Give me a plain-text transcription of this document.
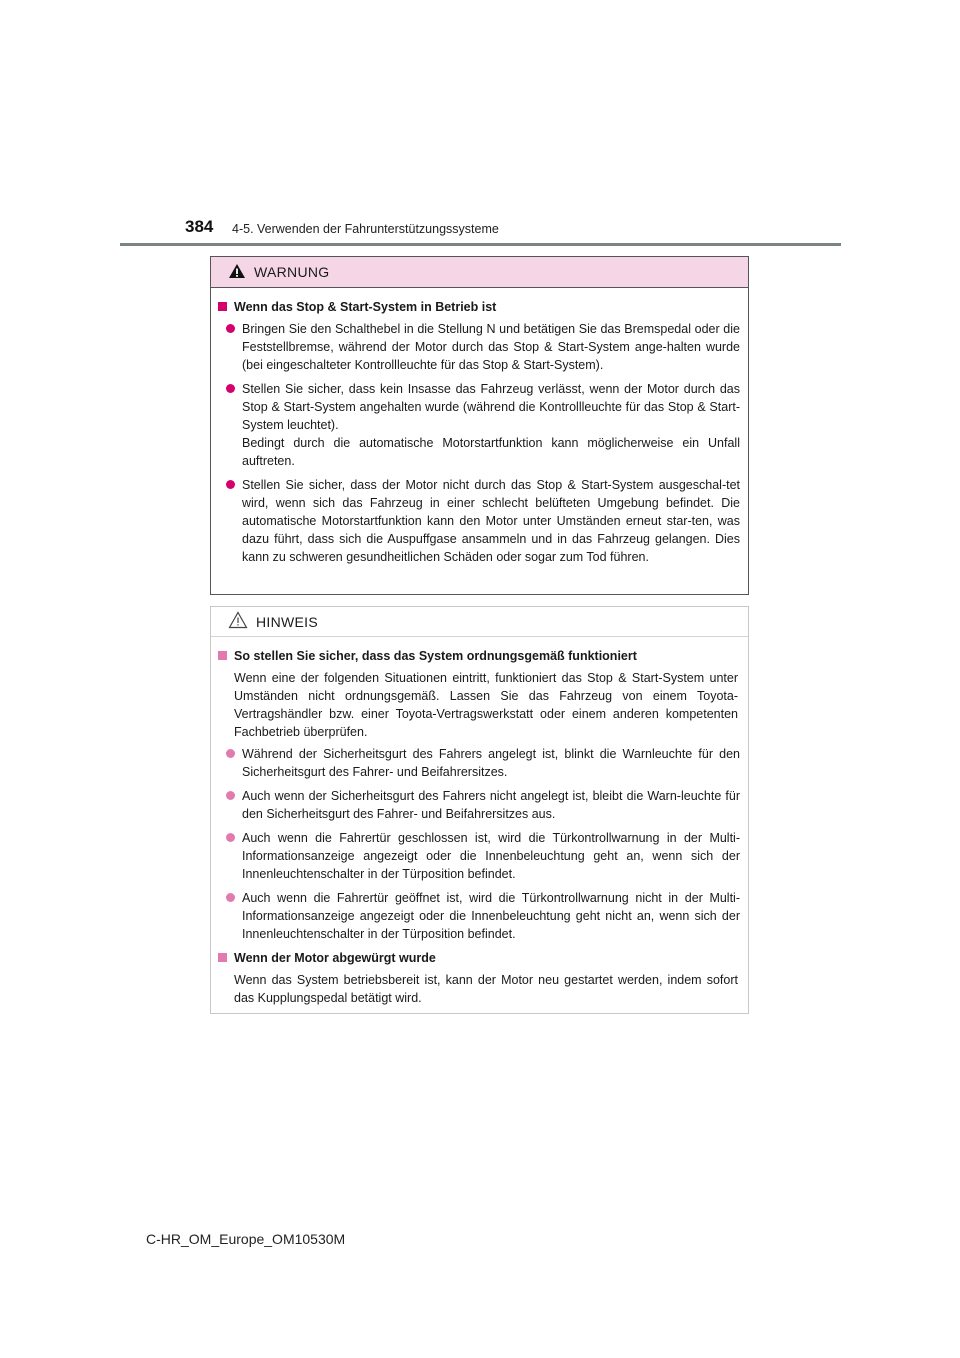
384 4-5. Verwenden der Fahrunterstützungssysteme
WARNUNG
Wenn das Stop & Start-System in Betrieb ist
Bringen Sie den Schalthebel in die Stellung N und betätigen Sie das Bremspedal oder die Feststellbremse, während der Motor durch das Stop & Start-System ange-halten wurde (bei eingeschalteter Kontrollleuchte für das Stop & Start-System).
Stellen Sie sicher, dass kein Insasse das Fahrzeug verlässt, wenn der Motor durch das Stop & Start-System angehalten wurde (während die Kontrollleuchte für das Stop & Start-System leuchtet).
Bedingt durch die automatische Motorstartfunktion kann möglicherweise ein Unfall auftreten.
Stellen Sie sicher, dass der Motor nicht durch das Stop & Start-System ausgeschal-tet wird, wenn sich das Fahrzeug in einer schlecht belüfteten Umgebung befindet. Die automatische Motorstartfunktion kann den Motor unter Umständen erneut star-ten, was dazu führt, dass sich die Auspuffgase ansammeln und in das Fahrzeug gelangen. Dies kann zu schweren gesundheitlichen Schäden oder sogar zum Tod führen.
HINWEIS
So stellen Sie sicher, dass das System ordnungsgemäß funktioniert
Wenn eine der folgenden Situationen eintritt, funktioniert das Stop & Start-System unter Umständen nicht ordnungsgemäß. Lassen Sie das Fahrzeug von einem Toyota-Vertragshändler bzw. einer Toyota-Vertragswerkstatt oder einem anderen kompetenten Fachbetrieb überprüfen.
Während der Sicherheitsgurt des Fahrers angelegt ist, blinkt die Warnleuchte für den Sicherheitsgurt des Fahrer- und Beifahrersitzes.
Auch wenn der Sicherheitsgurt des Fahrers nicht angelegt ist, bleibt die Warn-leuchte für den Sicherheitsgurt des Fahrer- und Beifahrersitzes aus.
Auch wenn die Fahrertür geschlossen ist, wird die Türkontrollwarnung in der Multi-Informationsanzeige angezeigt oder die Innenbeleuchtung geht an, wenn sich der Innenleuchtenschalter in der Türposition befindet.
Auch wenn die Fahrertür geöffnet ist, wird die Türkontrollwarnung nicht in der Multi-Informationsanzeige angezeigt oder die Innenbeleuchtung geht nicht an, wenn sich der Innenleuchtenschalter in der Türposition befindet.
Wenn der Motor abgewürgt wurde
Wenn das System betriebsbereit ist, kann der Motor neu gestartet werden, indem sofort das Kupplungspedal betätigt wird.
C-HR_OM_Europe_OM10530M
